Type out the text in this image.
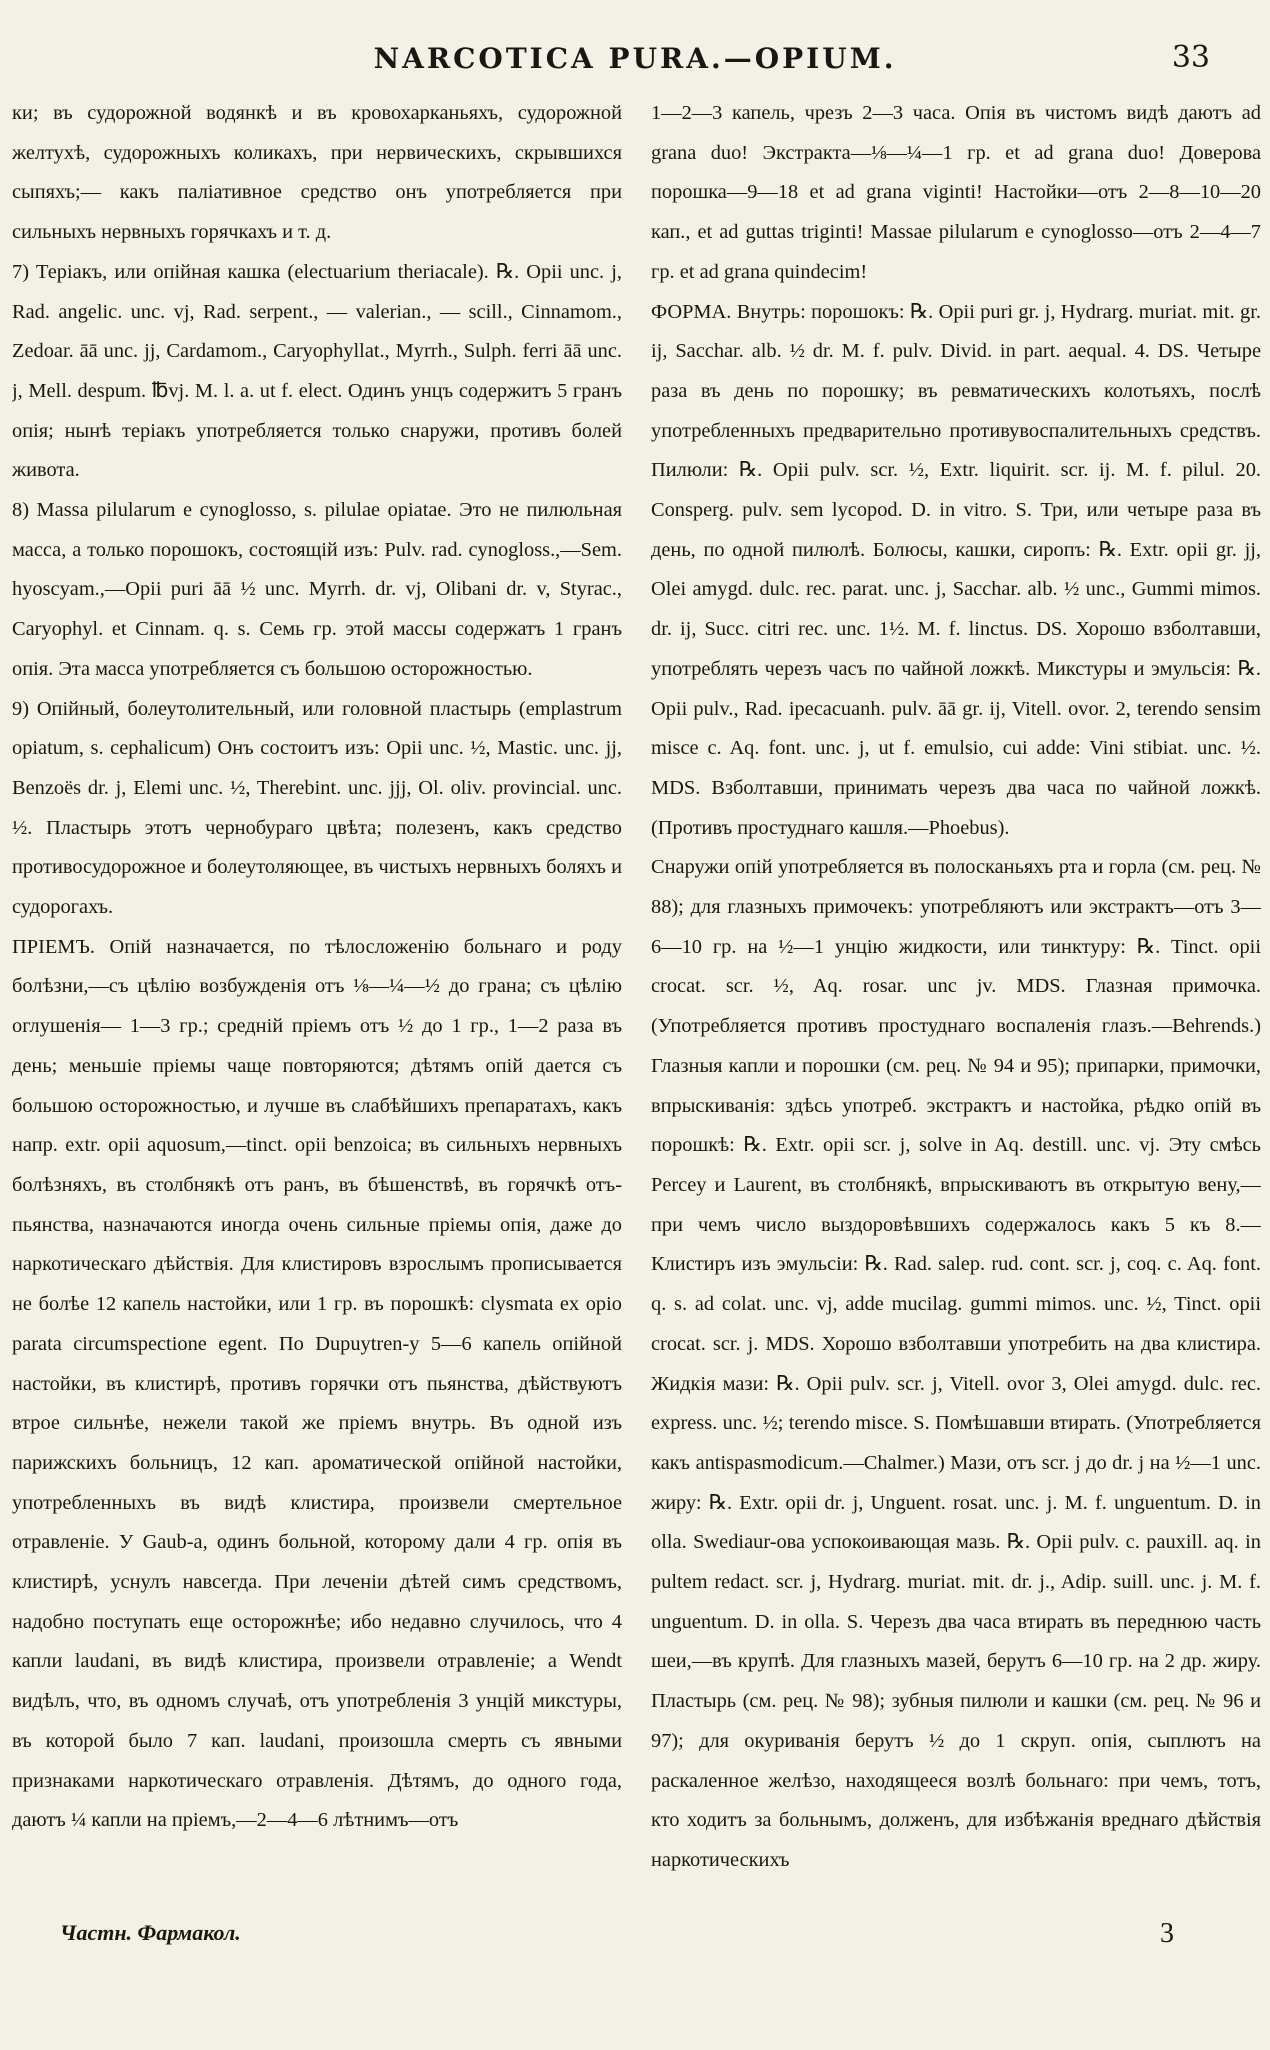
NARCOTICA PURA.—OPIUM.	33

ки; въ судорожной водянкѣ и въ кровохарканьяхъ, судорожной желтухѣ, судорожныхъ коликахъ, при нервическихъ, скрывшихся сыпяхъ;— какъ паліативное средство онъ употребляется при сильныхъ нервныхъ горячкахъ и т. д.

7) Теріакъ, или опійная кашка (electuarium theriacale). ℞. Opii unc. j, Rad. angelic. unc. vj, Rad. serpent., — valerian., — scill., Cinnamom., Zedoar. āā unc. jj, Cardamom., Caryophyllat., Myrrh., Sulph. ferri āā unc. j, Mell. despum. ℔vj. M. l. a. ut f. elect. Одинъ унцъ содержитъ 5 гранъ опія; нынѣ теріакъ употребляется только снаружи, противъ болей живота.

8) Massa pilularum e cynoglosso, s. pilulae opiatae. Это не пилюльная масса, а только порошокъ, состоящій изъ: Pulv. rad. cynogloss.,—Sem. hyoscyam.,—Opii puri āā ½ unc. Myrrh. dr. vj, Olibani dr. v, Styrac., Caryophyl. et Cinnam. q. s. Семь гр. этой массы содержатъ 1 гранъ опія. Эта масса употребляется съ большою осторожностью.

9) Опійный, болеутолительный, или головной пластырь (emplastrum opiatum, s. cephalicum) Онъ состоитъ изъ: Opii unc. ½, Mastic. unc. jj, Benzoës dr. j, Elemi unc. ½, Therebint. unc. jjj, Ol. oliv. provincial. unc. ½. Пластырь этотъ чернобураго цвѣта; полезенъ, какъ средство противосудорожное и болеутоляющее, въ чистыхъ нервныхъ боляхъ и судорогахъ.

ПРІЕМЪ. Опій назначается, по тѣлосложенію больнаго и роду болѣзни,—съ цѣлію возбужденія отъ ⅛—¼—½ до грана; съ цѣлію оглушенія— 1—3 гр.; средній пріемъ отъ ½ до 1 гр., 1—2 раза въ день; меньшіе пріемы чаще повторяются; дѣтямъ опій дается съ большою осторожностью, и лучше въ слабѣйшихъ препаратахъ, какъ напр. extr. opii aquosum,—tinct. opii benzoica; въ сильныхъ нервныхъ болѣзняхъ, въ столбнякѣ отъ ранъ, въ бѣшенствѣ, въ горячкѣ отъ-пьянства, назначаются иногда очень сильные пріемы опія, даже до наркотическаго дѣйствія. Для клистировъ взрослымъ прописывается не болѣе 12 капель настойки, или 1 гр. въ порошкѣ: clysmata ex opio parata circumspectione egent. По Dupuytren-у 5—6 капель опійной настойки, въ клистирѣ, противъ горячки отъ пьянства, дѣйствуютъ втрое сильнѣе, нежели такой же пріемъ внутрь. Въ одной изъ парижскихъ больницъ, 12 кап. ароматической опійной настойки, употребленныхъ въ видѣ клистира, произвели смертельное отравленіе. У Gaub-а, одинъ больной, которому дали 4 гр. опія въ клистирѣ, уснулъ навсегда. При леченіи дѣтей симъ средствомъ, надобно поступать еще осторожнѣе; ибо недавно случилось, что 4 капли laudani, въ видѣ клистира, произвели отравленіе; а Wendt видѣлъ, что, въ одномъ случаѣ, отъ употребленія 3 унцій микстуры, въ которой было 7 кап. laudani, произошла смерть съ явными признаками наркотическаго отравленія. Дѣтямъ, до одного года, даютъ ¼ капли на пріемъ,—2—4—6 лѣтнимъ—отъ

1—2—3 капель, чрезъ 2—3 часа. Опія въ чистомъ видѣ даютъ ad grana duo! Экстракта—⅛—¼—1 гр. et ad grana duo! Доверова порошка—9—18 et ad grana viginti! Настойки—отъ 2—8—10—20 кап., et ad guttas triginti! Massae pilularum e cynoglosso—отъ 2—4—7 гр. et ad grana quindecim!

ФОРМА. Внутрь: порошокъ: ℞. Opii puri gr. j, Hydrarg. muriat. mit. gr. ij, Sacchar. alb. ½ dr. M. f. pulv. Divid. in part. aequal. 4. DS. Четыре раза въ день по порошку; въ ревматическихъ колотьяхъ, послѣ употребленныхъ предварительно противувоспалительныхъ средствъ. Пилюли: ℞. Opii pulv. scr. ½, Extr. liquirit. scr. ij. M. f. pilul. 20. Consperg. pulv. sem lycopod. D. in vitro. S. Три, или четыре раза въ день, по одной пилюлѣ. Болюсы, кашки, сиропъ: ℞. Extr. opii gr. jj, Olei amygd. dulc. rec. parat. unc. j, Sacchar. alb. ½ unc., Gummi mimos. dr. ij, Succ. citri rec. unc. 1½. M. f. linctus. DS. Хорошо взболтавши, употреблять черезъ часъ по чайной ложкѣ. Микстуры и эмульсія: ℞. Opii pulv., Rad. ipecacuanh. pulv. āā gr. ij, Vitell. ovor. 2, terendo sensim misce c. Aq. font. unc. j, ut f. emulsio, cui adde: Vini stibiat. unc. ½. MDS. Взболтавши, принимать черезъ два часа по чайной ложкѣ. (Противъ простуднаго кашля.—Phoebus).

Снаружи опій употребляется въ полосканьяхъ рта и горла (см. рец. № 88); для глазныхъ примочекъ: употребляютъ или экстрактъ—отъ 3— 6—10 гр. на ½—1 унцію жидкости, или тинктуру: ℞. Tinct. opii crocat. scr. ½, Aq. rosar. unc jv. MDS. Глазная примочка. (Употребляется противъ простуднаго воспаленія глазъ.—Behrends.) Глазныя капли и порошки (см. рец. № 94 и 95); припарки, примочки, впрыскиванія: здѣсь употреб. экстрактъ и настойка, рѣдко опій въ порошкѣ: ℞. Extr. opii scr. j, solve in Aq. destill. unc. vj. Эту смѣсь Percey и Laurent, въ столбнякѣ, впрыскиваютъ въ открытую вену,— при чемъ число выздоровѣвшихъ содержалось какъ 5 къ 8.—Клистиръ изъ эмульсіи: ℞. Rad. salep. rud. cont. scr. j, coq. c. Aq. font. q. s. ad colat. unc. vj, adde mucilag. gummi mimos. unc. ½, Tinct. opii crocat. scr. j. MDS. Хорошо взболтавши употребить на два клистира. Жидкія мази: ℞. Opii pulv. scr. j, Vitell. ovor 3, Olei amygd. dulc. rec. express. unc. ½; terendo misce. S. Помѣшавши втирать. (Употребляется какъ antispasmodicum.—Chalmer.) Мази, отъ scr. j до dr. j на ½—1 unc. жиру: ℞. Extr. opii dr. j, Unguent. rosat. unc. j. M. f. unguentum. D. in olla. Swediaur-ова успокоивающая мазь. ℞. Opii pulv. c. pauxill. aq. in pultem redact. scr. j, Hydrarg. muriat. mit. dr. j., Adip. suill. unc. j. M. f. unguentum. D. in olla. S. Черезъ два часа втирать въ переднюю часть шеи,—въ крупѣ. Для глазныхъ мазей, берутъ 6—10 гр. на 2 др. жиру. Пластырь (см. рец. № 98); зубныя пилюли и кашки (см. рец. № 96 и 97); для окуриванія берутъ ½ до 1 скруп. опія, сыплютъ на раскаленное желѣзо, находящееся возлѣ больнаго: при чемъ, тотъ, кто ходитъ за больнымъ, долженъ, для избѣжанія вреднаго дѣйствія наркотическихъ

Частн. Фармакол.	3
